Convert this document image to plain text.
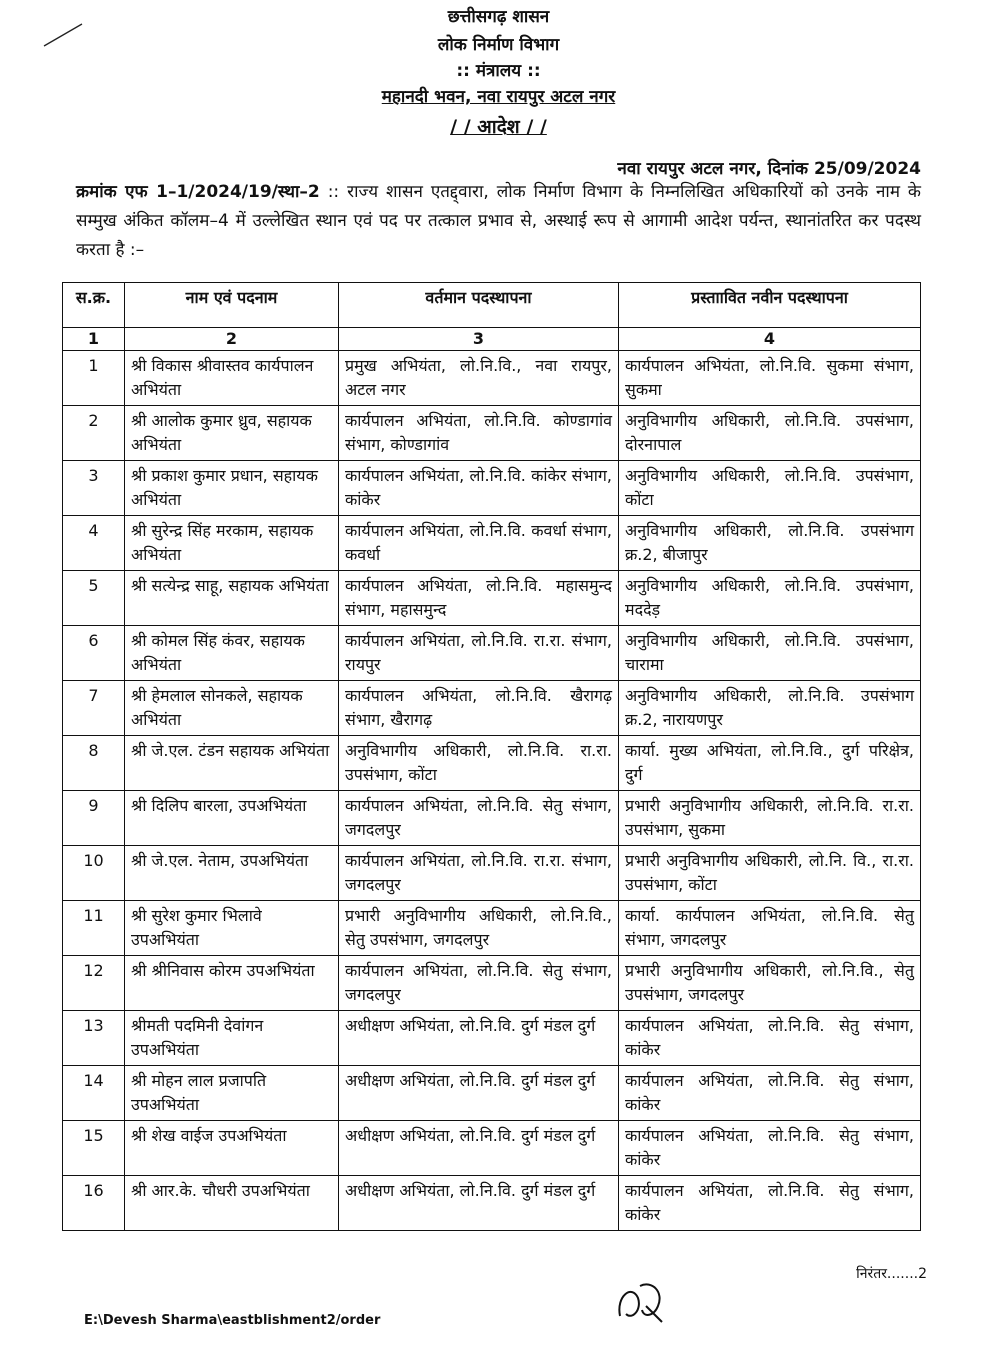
छत्तीसगढ़ शासन
लोक निर्माण विभाग
:: मंत्रालय ::
महानदी भवन, नवा रायपुर अटल नगर
/ / आदेश / /
नवा रायपुर अटल नगर, दिनांक 25/09/2024
क्रमांक एफ 1–1/2024/19/स्था–2 :: राज्य शासन एतद्द्वारा, लोक निर्माण विभाग के निम्नलिखित अधिकारियों को उनके नाम के सम्मुख अंकित कॉलम–4 में उल्लेखित स्थान एवं पद पर तत्काल प्रभाव से, अस्थाई रूप से आगामी आदेश पर्यन्त, स्थानांतरित कर पदस्थ करता है :–
स.क्र.	नाम एवं पदनाम	वर्तमान पदस्थापना	प्रस्ताावित नवीन पदस्थापना
1	2	3	4
1	श्री विकास श्रीवास्तव कार्यपालन अभियंता	प्रमुख अभियंता, लो.नि.वि., नवा रायपुर, अटल नगर	कार्यपालन अभियंता, लो.नि.वि. सुकमा संभाग, सुकमा
2	श्री आलोक कुमार ध्रुव, सहायक अभियंता	कार्यपालन अभियंता, लो.नि.वि. कोण्डागांव संभाग, कोण्डागांव	अनुविभागीय अधिकारी, लो.नि.वि. उपसंभाग, दोरनापाल
3	श्री प्रकाश कुमार प्रधान, सहायक अभियंता	कार्यपालन अभियंता, लो.नि.वि. कांकेर संभाग, कांकेर	अनुविभागीय अधिकारी, लो.नि.वि. उपसंभाग, कोंटा
4	श्री सुरेन्द्र सिंह मरकाम, सहायक अभियंता	कार्यपालन अभियंता, लो.नि.वि. कवर्धा संभाग, कवर्धा	अनुविभागीय अधिकारी, लो.नि.वि. उपसंभाग क्र.2, बीजापुर
5	श्री सत्येन्द्र साहू, सहायक अभियंता	कार्यपालन अभियंता, लो.नि.वि. महासमुन्द संभाग, महासमुन्द	अनुविभागीय अधिकारी, लो.नि.वि. उपसंभाग, मददेड़
6	श्री कोमल सिंह कंवर, सहायक अभियंता	कार्यपालन अभियंता, लो.नि.वि. रा.रा. संभाग, रायपुर	अनुविभागीय अधिकारी, लो.नि.वि. उपसंभाग, चारामा
7	श्री हेमलाल सोनकले, सहायक अभियंता	कार्यपालन अभियंता, लो.नि.वि. खैरागढ़ संभाग, खैरागढ़	अनुविभागीय अधिकारी, लो.नि.वि. उपसंभाग क्र.2, नारायणपुर
8	श्री जे.एल. टंडन सहायक अभियंता	अनुविभागीय अधिकारी, लो.नि.वि. रा.रा. उपसंभाग, कोंटा	कार्या. मुख्य अभियंता, लो.नि.वि., दुर्ग परिक्षेत्र, दुर्ग
9	श्री दिलिप बारला, उपअभियंता	कार्यपालन अभियंता, लो.नि.वि. सेतु संभाग, जगदलपुर	प्रभारी अनुविभागीय अधिकारी, लो.नि.वि. रा.रा. उपसंभाग, सुकमा
10	श्री जे.एल. नेताम, उपअभियंता	कार्यपालन अभियंता, लो.नि.वि. रा.रा. संभाग, जगदलपुर	प्रभारी अनुविभागीय अधिकारी, लो.नि. वि., रा.रा. उपसंभाग, कोंटा
11	श्री सुरेश कुमार भिलावे उपअभियंता	प्रभारी अनुविभागीय अधिकारी, लो.नि.वि., सेतु उपसंभाग, जगदलपुर	कार्या. कार्यपालन अभियंता, लो.नि.वि. सेतु संभाग, जगदलपुर
12	श्री श्रीनिवास कोरम उपअभियंता	कार्यपालन अभियंता, लो.नि.वि. सेतु संभाग, जगदलपुर	प्रभारी अनुविभागीय अधिकारी, लो.नि.वि., सेतु उपसंभाग, जगदलपुर
13	श्रीमती पदमिनी देवांगन उपअभियंता	अधीक्षण अभियंता, लो.नि.वि. दुर्ग मंडल दुर्ग	कार्यपालन अभियंता, लो.नि.वि. सेतु संभाग, कांकेर
14	श्री मोहन लाल प्रजापति उपअभियंता	अधीक्षण अभियंता, लो.नि.वि. दुर्ग मंडल दुर्ग	कार्यपालन अभियंता, लो.नि.वि. सेतु संभाग, कांकेर
15	श्री शेख वाईज उपअभियंता	अधीक्षण अभियंता, लो.नि.वि. दुर्ग मंडल दुर्ग	कार्यपालन अभियंता, लो.नि.वि. सेतु संभाग, कांकेर
16	श्री आर.के. चौधरी उपअभियंता	अधीक्षण अभियंता, लो.नि.वि. दुर्ग मंडल दुर्ग	कार्यपालन अभियंता, लो.नि.वि. सेतु संभाग, कांकेर
निरंतर.......2
E:\Devesh Sharma\eastblishment2/order
